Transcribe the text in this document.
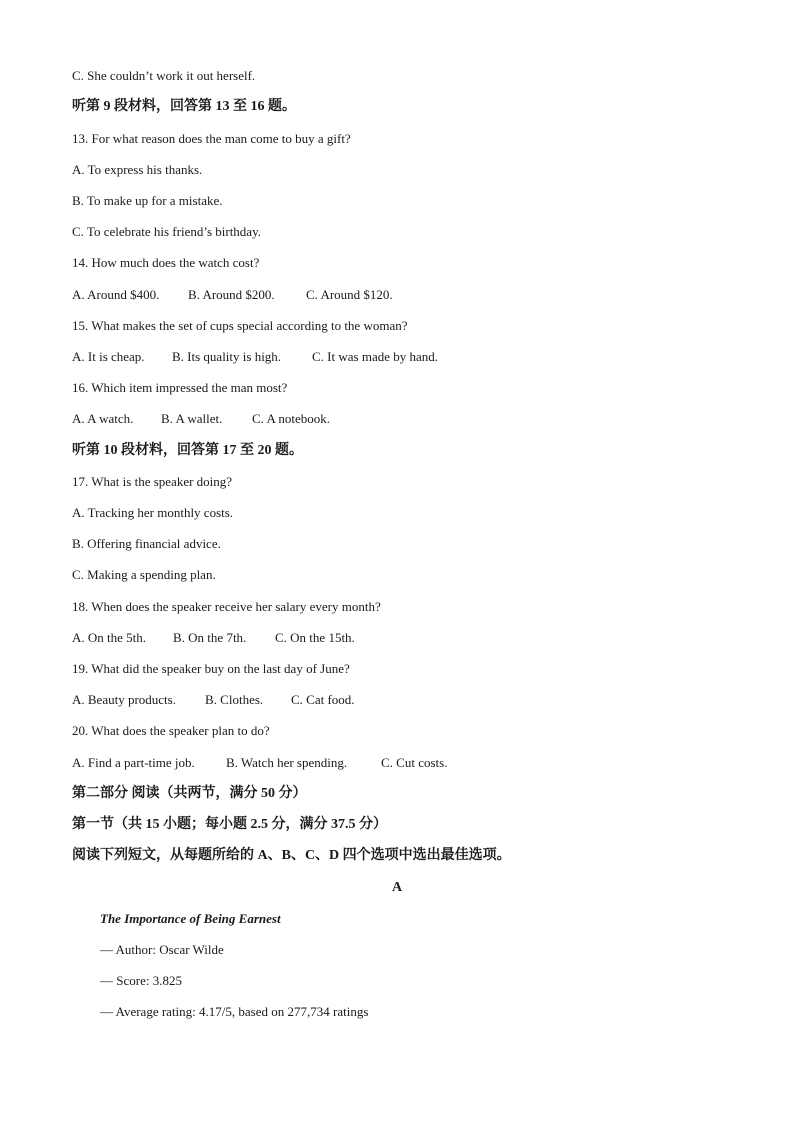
C. She couldn’t work it out herself.
听第 9 段材料，回答第 13 至 16 题。
13. For what reason does the man come to buy a gift?
A. To express his thanks.
B. To make up for a mistake.
C. To celebrate his friend’s birthday.
14. How much does the watch cost?
A. Around $400. B. Around $200. C. Around $120.
15. What makes the set of cups special according to the woman?
A. It is cheap. B. Its quality is high. C. It was made by hand.
16. Which item impressed the man most?
A. A watch. B. A wallet. C. A notebook.
听第 10 段材料，回答第 17 至 20 题。
17. What is the speaker doing?
A. Tracking her monthly costs.
B. Offering financial advice.
C. Making a spending plan.
18. When does the speaker receive her salary every month?
A. On the 5th. B. On the 7th. C. On the 15th.
19. What did the speaker buy on the last day of June?
A. Beauty products. B. Clothes. C. Cat food.
20. What does the speaker plan to do?
A. Find a part-time job. B. Watch her spending.	C. Cut costs.
第二部分 阅读（共两节，满分 50 分）
第一节（共 15 小题；每小题 2.5 分，满分 37.5 分）
阅读下列短文，从每题所给的 A、B、C、D 四个选项中选出最佳选项。
A
The Importance of Being Earnest
— Author: Oscar Wilde
— Score: 3.825
— Average rating: 4.17/5, based on 277,734 ratings
